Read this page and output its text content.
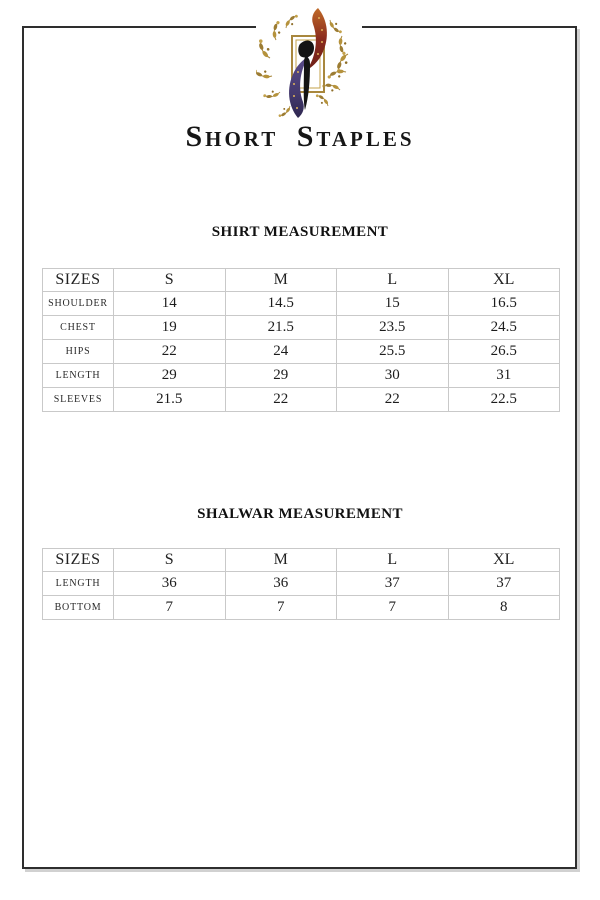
Short Staples
SHIRT MEASUREMENT
SIZES	S	M	L	XL
SHOULDER	14	14.5	15	16.5
CHEST	19	21.5	23.5	24.5
HIPS	22	24	25.5	26.5
LENGTH	29	29	30	31
SLEEVES	21.5	22	22	22.5
SHALWAR MEASUREMENT
SIZES	S	M	L	XL
LENGTH	36	36	37	37
BOTTOM	7	7	7	8
